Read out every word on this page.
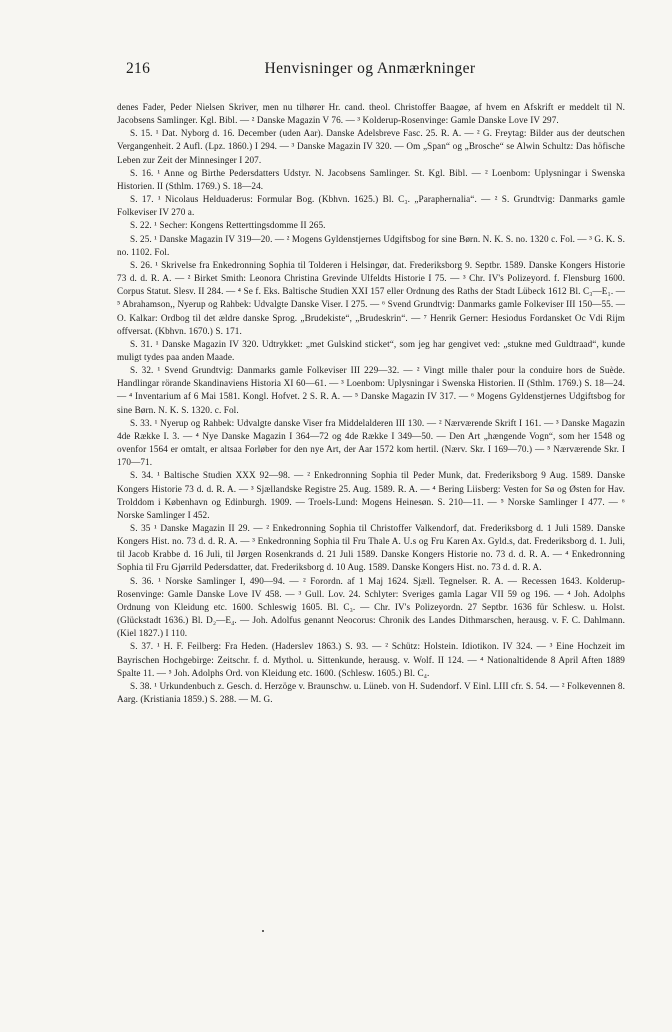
216	Henvisninger og Anmærkninger

denes Fader, Peder Nielsen Skriver, men nu tilhører Hr. cand. theol. Christoffer Baagøe, af hvem en Afskrift er meddelt til N. Jacobsens Samlinger. Kgl. Bibl. — ² Danske Magazin V 76. — ³ Kolderup-Rosenvinge: Gamle Danske Love IV 297.

S. 15. ¹ Dat. Nyborg d. 16. December (uden Aar). Danske Adelsbreve Fasc. 25. R. A. — ² G. Freytag: Bilder aus der deutschen Vergangenheit. 2 Aufl. (Lpz. 1860.) I 294. — ³ Danske Magazin IV 320. — Om „Span“ og „Brosche“ se Alwin Schultz: Das höfische Leben zur Zeit der Minnesinger I 207.

S. 16. ¹ Anne og Birthe Pedersdatters Udstyr. N. Jacobsens Samlinger. St. Kgl. Bibl. — ² Loenbom: Uplysningar i Swenska Historien. II (Sthlm. 1769.) S. 18—24.

S. 17. ¹ Nicolaus Helduaderus: Formular Bog. (Kbhvn. 1625.) Bl. C₃. „Paraphernalia“. — ² S. Grundtvig: Danmarks gamle Folkeviser IV 270 a.

S. 22. ¹ Secher: Kongens Retterttingsdomme II 265.

S. 25. ¹ Danske Magazin IV 319—20. — ² Mogens Gyldenstjernes Udgiftsbog for sine Børn. N. K. S. no. 1320 c. Fol. — ³ G. K. S. no. 1102. Fol.

S. 26. ¹ Skrivelse fra Enkedronning Sophia til Tolderen i Helsingør, dat. Frederiksborg 9. Septbr. 1589. Danske Kongers Historie 73 d. d. R. A. — ² Birket Smith: Leonora Christina Grevinde Ulfeldts Historie I 75. — ³ Chr. IV's Polizeyord. f. Flensburg 1600. Corpus Statut. Slesv. II 284. — ⁴ Se f. Eks. Baltische Studien XXI 157 eller Ordnung des Raths der Stadt Lübeck 1612 Bl. C₃—E₁. — ⁵ Abrahamson,, Nyerup og Rahbek: Udvalgte Danske Viser. I 275. — ⁶ Svend Grundtvig: Danmarks gamle Folkeviser III 150—55. — O. Kalkar: Ordbog til det ældre danske Sprog. „Brudekiste“, „Brudeskrin“. — ⁷ Henrik Gerner: Hesiodus Fordansket Oc Vdi Rijm offversat. (Kbhvn. 1670.) S. 171.

S. 31. ¹ Danske Magazin IV 320. Udtrykket: „met Gulskind sticket“, som jeg har gengivet ved: „stukne med Guldtraad“, kunde muligt tydes paa anden Maade.

S. 32. ¹ Svend Grundtvig: Danmarks gamle Folkeviser III 229—32. — ² Vingt mille thaler pour la conduire hors de Suède. Handlingar rörande Skandinaviens Historia XI 60—61. — ³ Loenbom: Uplysningar i Swenska Historien. II (Sthlm. 1769.) S. 18—24. — ⁴ Inventarium af 6 Mai 1581. Kongl. Hofvet. 2 S. R. A. — ⁵ Danske Magazin IV 317. — ⁶ Mogens Gyldenstjernes Udgiftsbog for sine Børn. N. K. S. 1320. c. Fol.

S. 33. ¹ Nyerup og Rahbek: Udvalgte danske Viser fra Middelalderen III 130. — ² Nærværende Skrift I 161. — ³ Danske Magazin 4de Række I. 3. — ⁴ Nye Danske Magazin I 364—72 og 4de Række I 349—50. — Den Art „hængende Vogn“, som her 1548 og ovenfor 1564 er omtalt, er altsaa Forløber for den nye Art, der Aar 1572 kom hertil. (Nærv. Skr. I 169—70.) — ⁵ Nærværende Skr. I 170—71.

S. 34. ¹ Baltische Studien XXX 92—98. — ² Enkedronning Sophia til Peder Munk, dat. Frederiksborg 9 Aug. 1589. Danske Kongers Historie 73 d. d. R. A. — ³ Sjællandske Registre 25. Aug. 1589. R. A. — ⁴ Bering Liisberg: Vesten for Sø og Østen for Hav. Trolddom i København og Edinburgh. 1909. — Troels-Lund: Mogens Heinesøn. S. 210—11. — ⁵ Norske Samlinger I 477. — ⁶ Norske Samlinger I 452.

S. 35 ¹ Danske Magazin II 29. — ² Enkedronning Sophia til Christoffer Valkendorf, dat. Frederiksborg d. 1 Juli 1589. Danske Kongers Hist. no. 73 d. d. R. A. — ³ Enkedronning Sophia til Fru Thale A. U.s og Fru Karen Ax. Gyld.s, dat. Frederiksborg d. 1. Juli, til Jacob Krabbe d. 16 Juli, til Jørgen Rosenkrands d. 21 Juli 1589. Danske Kongers Historie no. 73 d. d. R. A. — ⁴ Enkedronning Sophia til Fru Gjørrild Pedersdatter, dat. Frederiksborg d. 10 Aug. 1589. Danske Kongers Hist. no. 73 d. d. R. A.

S. 36. ¹ Norske Samlinger I, 490—94. — ² Forordn. af 1 Maj 1624. Sjæll. Tegnelser. R. A. — Recessen 1643. Kolderup-Rosenvinge: Gamle Danske Love IV 458. — ³ Gull. Lov. 24. Schlyter: Sveriges gamla Lagar VII 59 og 196. — ⁴ Joh. Adolphs Ordnung von Kleidung etc. 1600. Schleswig 1605. Bl. C₃. — Chr. IV's Polizeyordn. 27 Septbr. 1636 für Schlesw. u. Holst. (Glückstadt 1636.) Bl. D₂—E₄. — Joh. Adolfus genannt Neocorus: Chronik des Landes Dithmarschen, herausg. v. F. C. Dahlmann. (Kiel 1827.) I 110.

S. 37. ¹ H. F. Feilberg: Fra Heden. (Haderslev 1863.) S. 93. — ² Schütz: Holstein. Idiotikon. IV 324. — ³ Eine Hochzeit im Bayrischen Hochgebirge: Zeitschr. f. d. Mythol. u. Sittenkunde, herausg. v. Wolf. II 124. — ⁴ Nationaltidende 8 April Aften 1889 Spalte 11. — ⁵ Joh. Adolphs Ord. von Kleidung etc. 1600. (Schlesw. 1605.) Bl. C₄.

S. 38. ¹ Urkundenbuch z. Gesch. d. Herzöge v. Braunschw. u. Lüneb. von H. Sudendorf. V Einl. LIII cfr. S. 54. — ² Folkevennen 8. Aarg. (Kristiania 1859.) S. 288. — M. G.
